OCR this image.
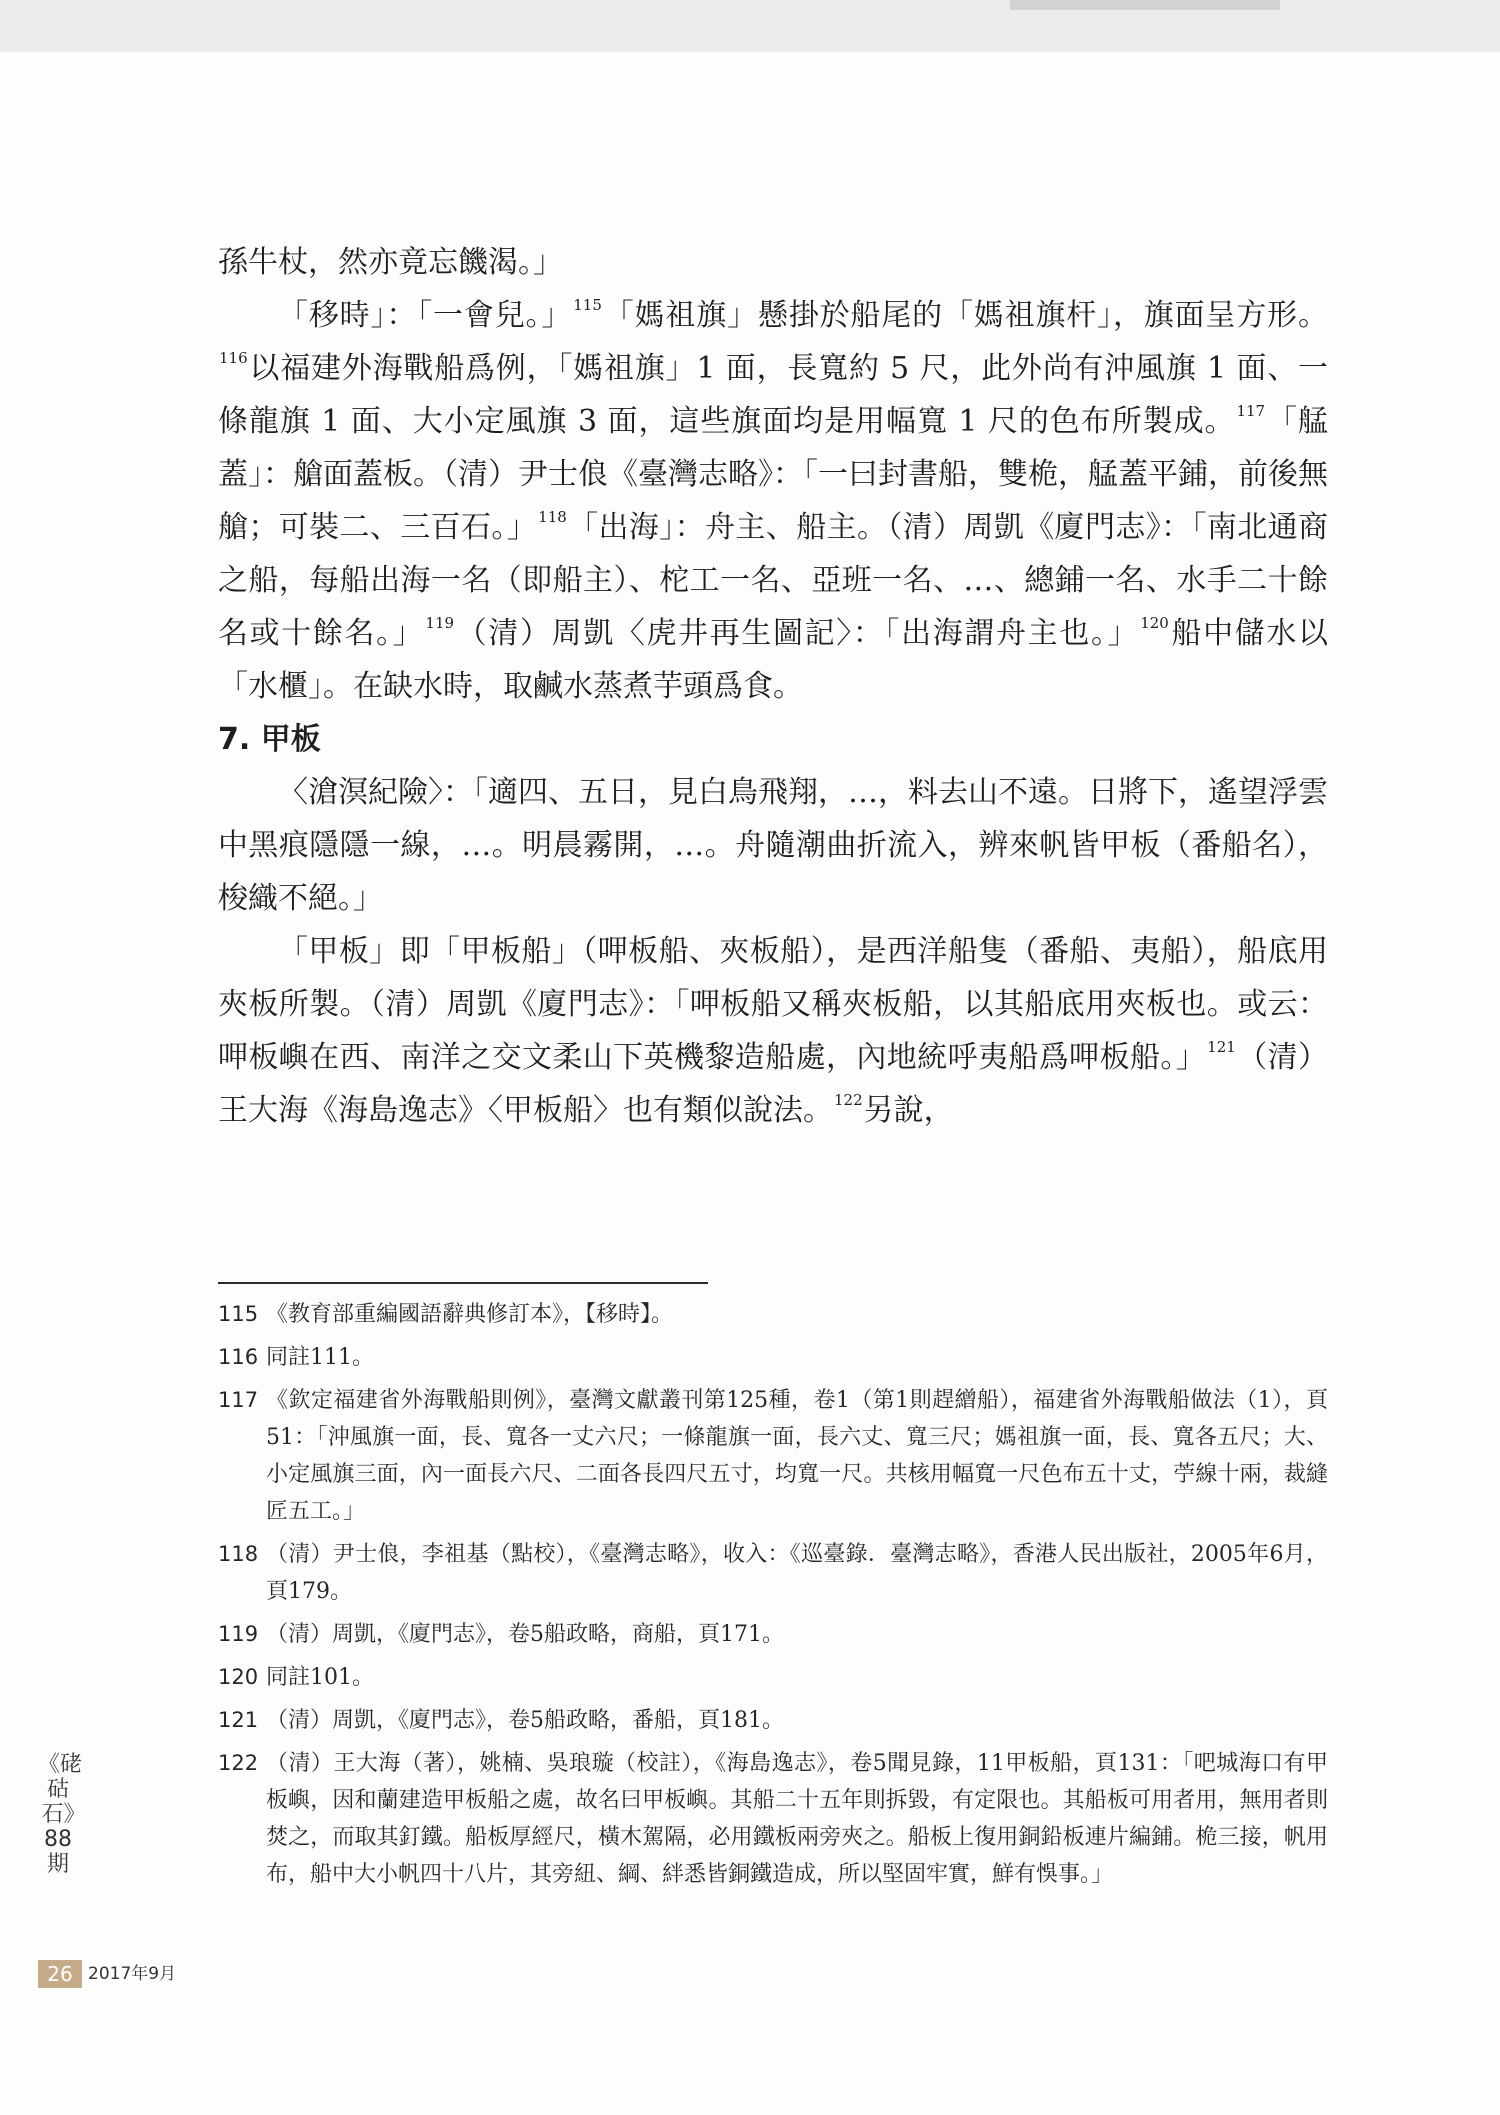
孫牛杖，然亦竟忘饑渴。」

「移時」：「一會兒。」$^{115}$「媽祖旗」懸掛於船尾的「媽祖旗杆」，旗面呈方形。$^{116}$以福建外海戰船爲例，「媽祖旗」1 面，長寬約 5 尺，此外尚有沖風旗 1 面、一條龍旗 1 面、大小定風旗 3 面，這些旗面均是用幅寬 1 尺的色布所製成。$^{117}$「艋蓋」：艙面蓋板。（清）尹士俍《臺灣志略》：「一曰封書船，雙桅，艋蓋平鋪，前後無艙；可裝二、三百石。」$^{118}$「出海」：舟主、船主。（清）周凱《廈門志》：「南北通商之船，每船出海一名（即船主）、柁工一名、亞班一名、…、總鋪一名、水手二十餘名或十餘名。」$^{119}$（清）周凱〈虎井再生圖記〉：「出海謂舟主也。」$^{120}$船中儲水以「水櫃」。在缺水時，取鹹水蒸煮芋頭爲食。

7. 甲板

〈滄溟紀險〉：「適四、五日，見白鳥飛翔，…，料去山不遠。日將下，遙望浮雲中黑痕隱隱一線，…。明晨霧開，…。舟隨潮曲折流入，辨來帆皆甲板（番船名），梭織不絕。」

「甲板」即「甲板船」（呷板船、夾板船），是西洋船隻（番船、夷船），船底用夾板所製。（清）周凱《廈門志》：「呷板船又稱夾板船，以其船底用夾板也。或云：呷板嶼在西、南洋之交文柔山下英機黎造船處，內地統呼夷船爲呷板船。」$^{121}$（清）王大海《海島逸志》〈甲板船〉也有類似說法。$^{122}$另說，

115 《教育部重編國語辭典修訂本》，【移時】。
116 同註111。
117 《欽定福建省外海戰船則例》，臺灣文獻叢刊第125種，卷1（第1則趕繒船），福建省外海戰船做法（1），頁51：「沖風旗一面，長、寬各一丈六尺；一條龍旗一面，長六丈、寬三尺；媽祖旗一面，長、寬各五尺；大、小定風旗三面，內一面長六尺、二面各長四尺五寸，均寬一尺。共核用幅寬一尺色布五十丈，苧線十兩，裁縫匠五工。」
118 （清）尹士俍，李祖基（點校），《臺灣志略》，收入：《巡臺錄．臺灣志略》，香港人民出版社，2005年6月，頁179。
119 （清）周凱，《廈門志》，卷5船政略，商船，頁171。
120 同註101。
121 （清）周凱，《廈門志》，卷5船政略，番船，頁181。
122 （清）王大海（著），姚楠、吳琅璇（校註），《海島逸志》，卷5聞見錄，11甲板船，頁131：「吧城海口有甲板嶼，因和蘭建造甲板船之處，故名曰甲板嶼。其船二十五年則拆毀，有定限也。其船板可用者用，無用者則焚之，而取其釘鐵。船板厚經尺，橫木駕隔，必用鐵板兩旁夾之。船板上復用銅鉛板連片編鋪。桅三接，帆用布，船中大小帆四十八片，其旁紐、綱、絆悉皆銅鐵造成，所以堅固牢實，鮮有悞事。」
《硓𥑮石》88期
26 2017年9月
